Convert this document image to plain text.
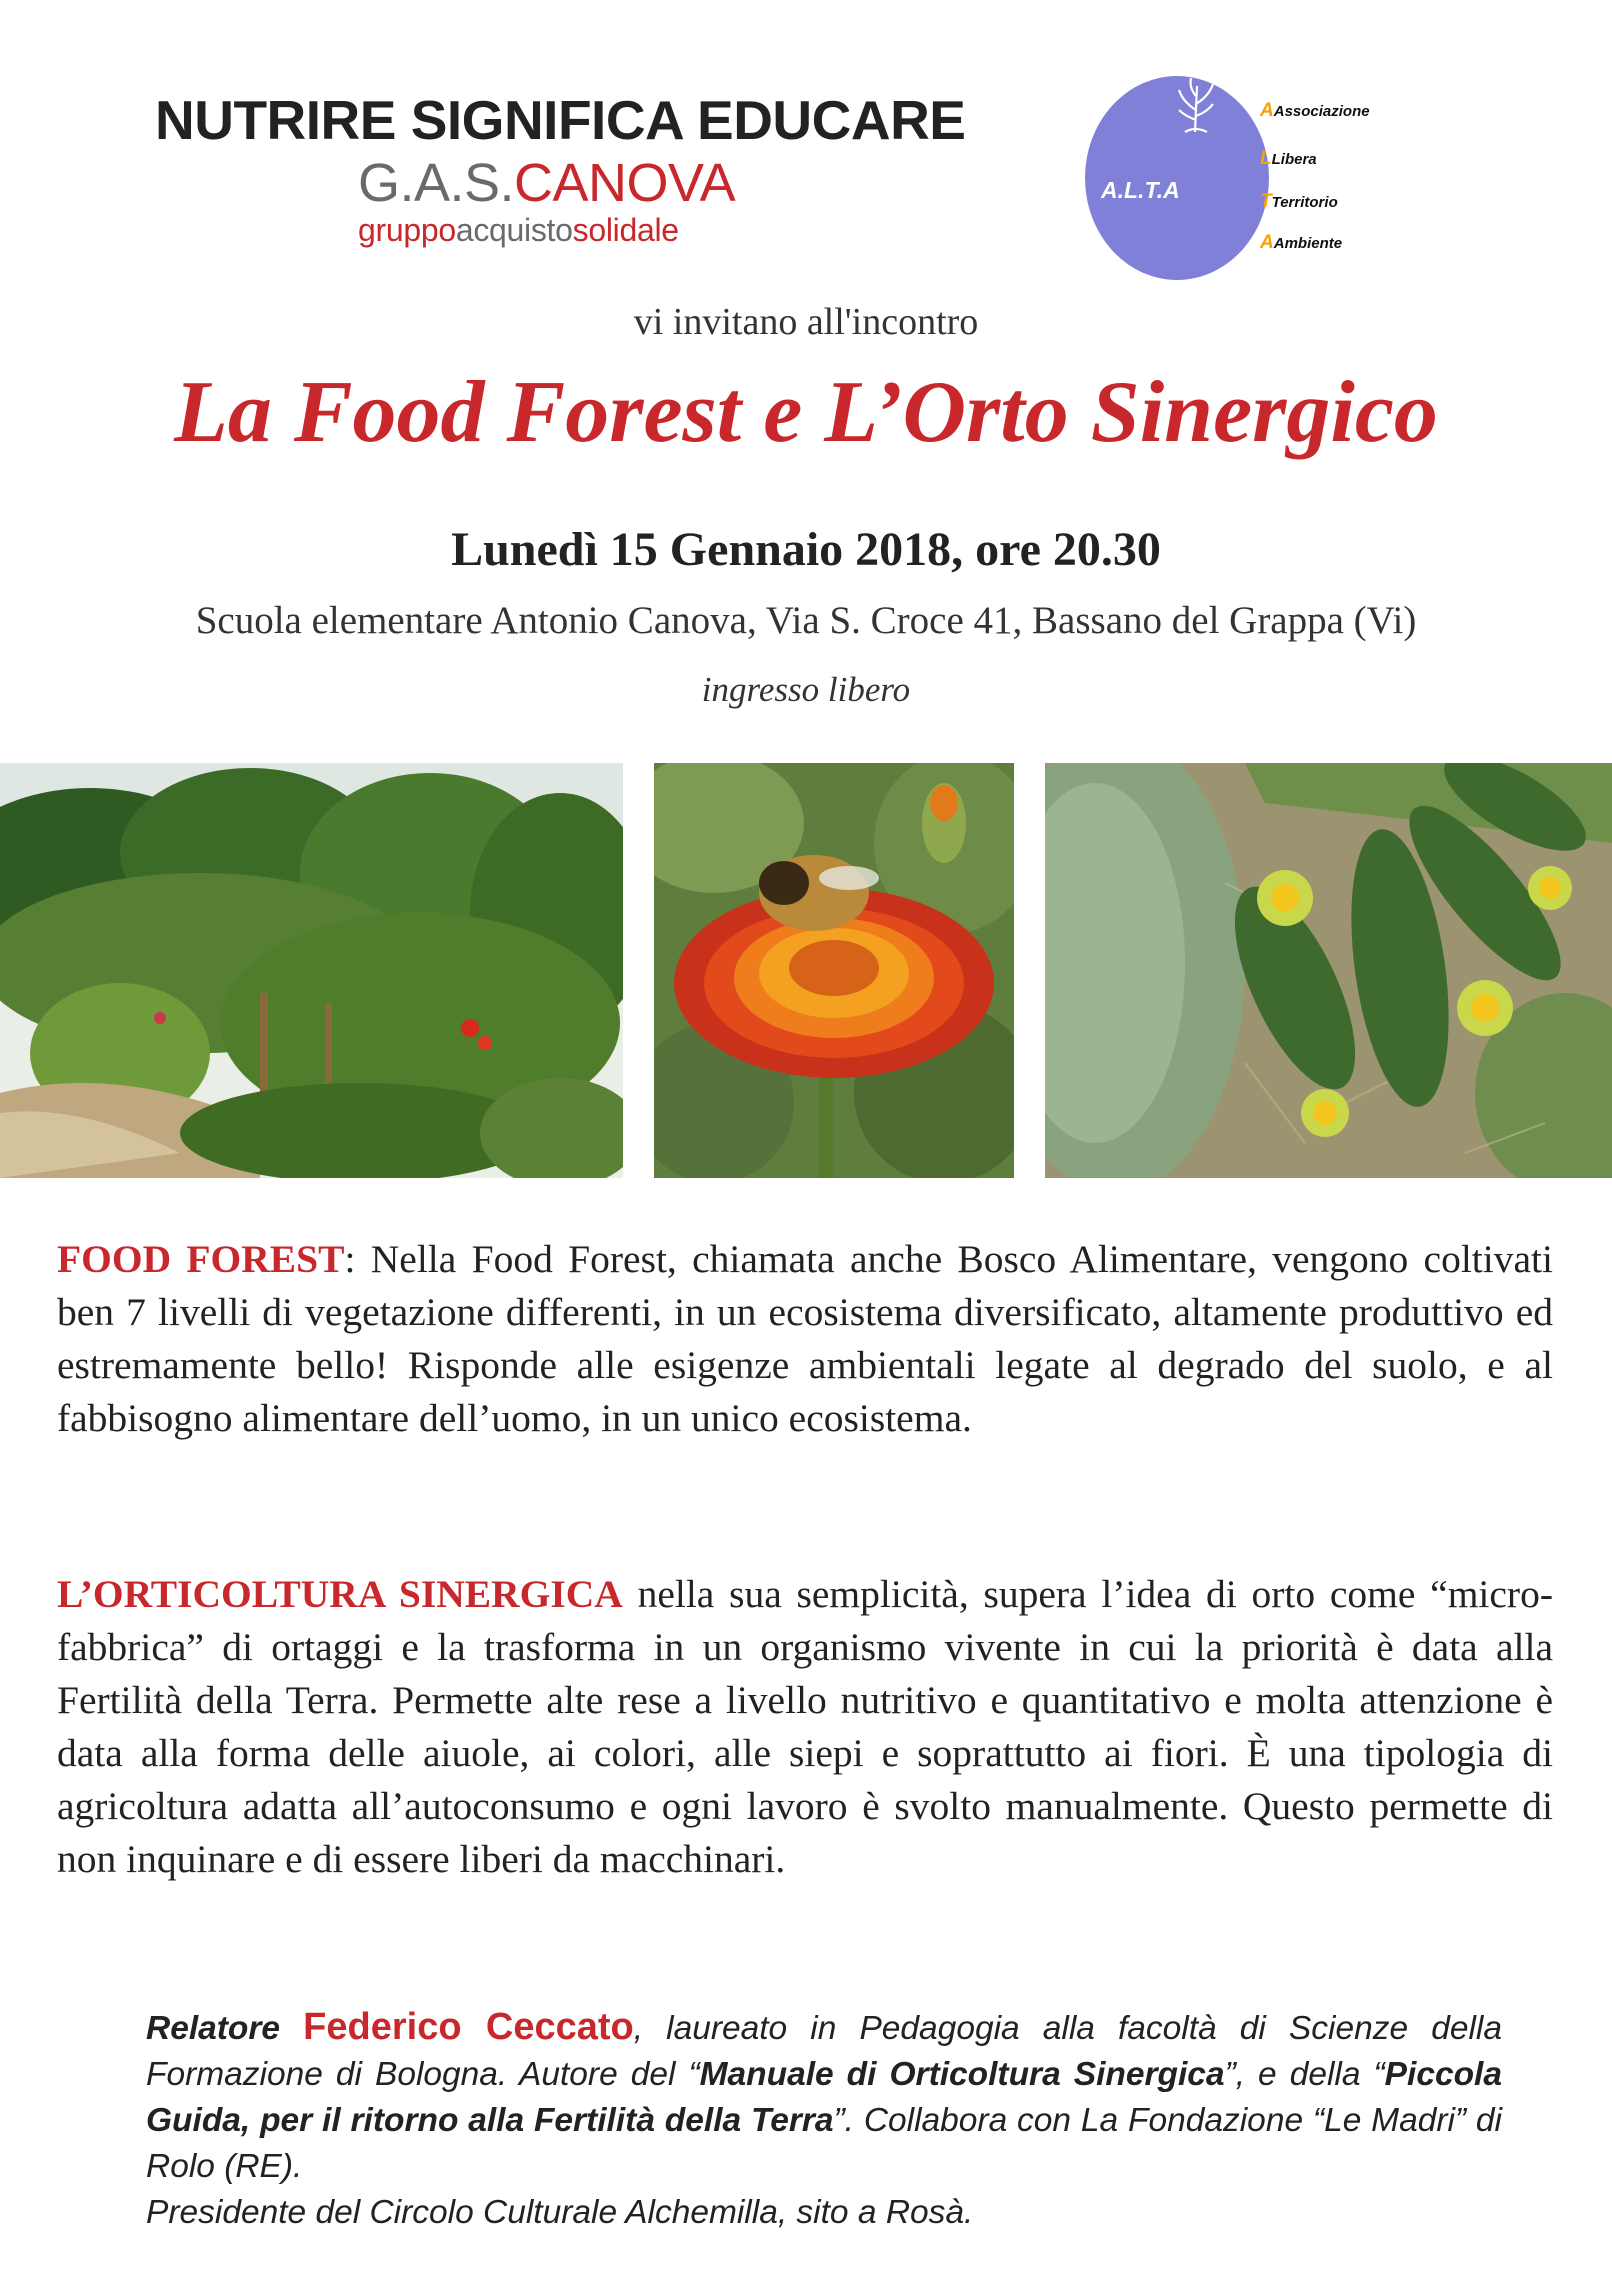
NUTRIRE SIGNIFICA EDUCARE
G.A.S.CANOVA
gruppoacquistosolidale
A.L.T.A
AAssociazione
LLibera
TTerritorio
AAmbiente
vi invitano all'incontro
La Food Forest e L’Orto Sinergico
Lunedì 15 Gennaio 2018, ore 20.30
Scuola elementare Antonio Canova, Via S. Croce 41, Bassano del Grappa (Vi)
ingresso libero
FOOD FOREST: Nella Food Forest, chiamata anche Bosco Alimentare, vengono coltivati ben 7 livelli di vegetazione differenti, in un ecosistema diversificato, altamente produttivo ed estremamente bello! Risponde alle esigenze ambientali legate al degrado del suolo, e al fabbisogno alimentare dell’uomo, in un unico ecosistema.
L’ORTICOLTURA SINERGICA nella sua semplicità, supera l’idea di orto come “micro-fabbrica” di ortaggi e la trasforma in un organismo vivente in cui la priorità è data alla Fertilità della Terra. Permette alte rese a livello nutritivo e quantitativo e molta attenzione è data alla forma delle aiuole, ai colori, alle siepi e soprattutto ai fiori. È una tipologia di agricoltura adatta all’autoconsumo e ogni lavoro è svolto manualmente. Questo permette di non inquinare e di essere liberi da macchinari.
Relatore Federico Ceccato, laureato in Pedagogia alla facoltà di Scienze della Formazione di Bologna. Autore del “Manuale di Orticoltura Sinergica”, e della “Piccola Guida, per il ritorno alla Fertilità della Terra”. Collabora con La Fondazione “Le Madri” di Rolo (RE).
Presidente del Circolo Culturale Alchemilla, sito a Rosà.
